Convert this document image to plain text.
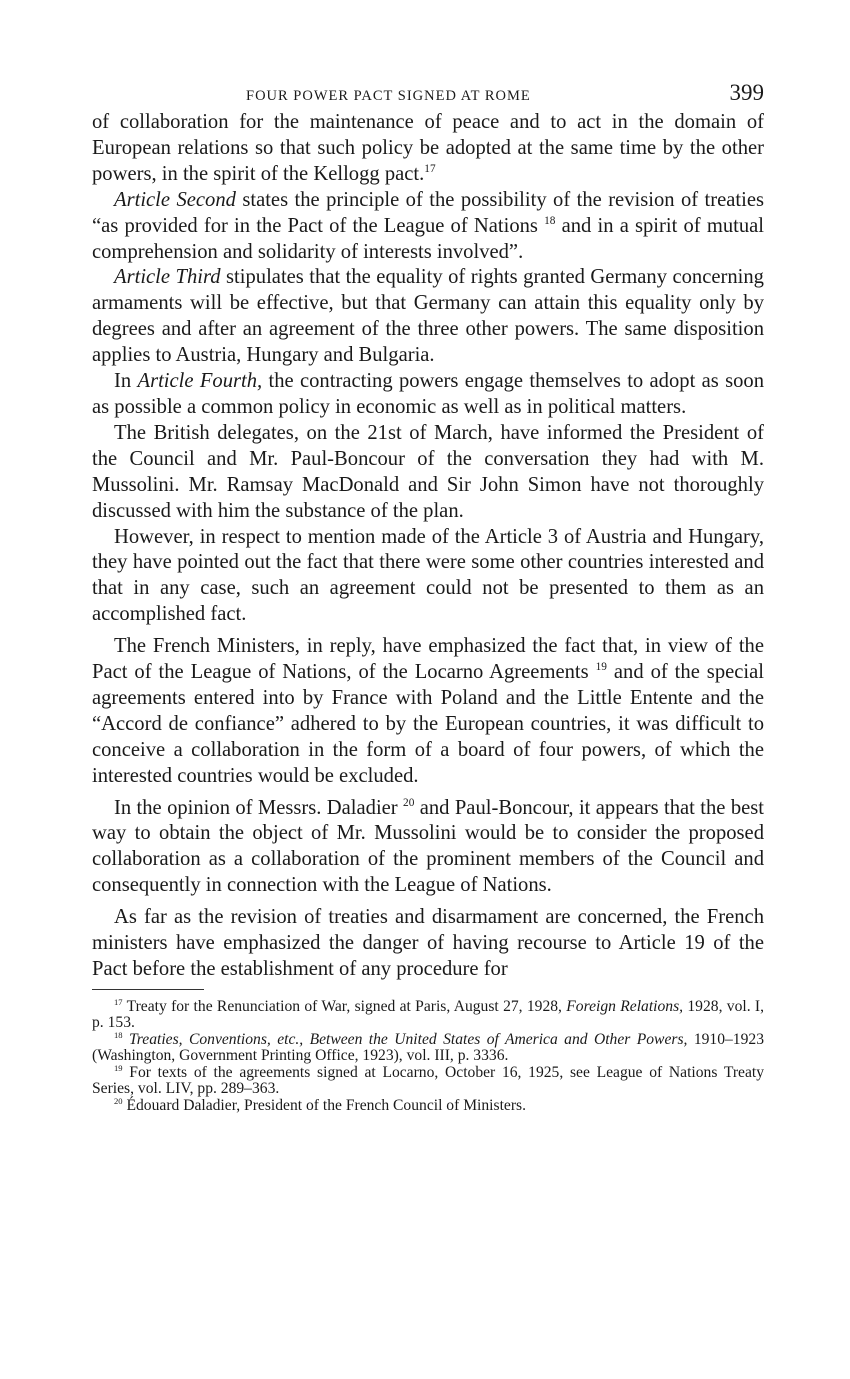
FOUR POWER PACT SIGNED AT ROME	399

of collaboration for the maintenance of peace and to act in the domain of European relations so that such policy be adopted at the same time by the other powers, in the spirit of the Kellogg pact.$^{17}$

Article Second states the principle of the possibility of the revision of treaties “as provided for in the Pact of the League of Nations $^{18}$ and in a spirit of mutual comprehension and solidarity of interests involved”.

Article Third stipulates that the equality of rights granted Germany concerning armaments will be effective, but that Germany can attain this equality only by degrees and after an agreement of the three other powers. The same disposition applies to Austria, Hungary and Bulgaria.

In Article Fourth, the contracting powers engage themselves to adopt as soon as possible a common policy in economic as well as in political matters.

The British delegates, on the 21st of March, have informed the President of the Council and Mr. Paul-Boncour of the conversation they had with M. Mussolini. Mr. Ramsay MacDonald and Sir John Simon have not thoroughly discussed with him the substance of the plan.

However, in respect to mention made of the Article 3 of Austria and Hungary, they have pointed out the fact that there were some other countries interested and that in any case, such an agreement could not be presented to them as an accomplished fact.

The French Ministers, in reply, have emphasized the fact that, in view of the Pact of the League of Nations, of the Locarno Agreements $^{19}$ and of the special agreements entered into by France with Poland and the Little Entente and the “Accord de confiance” adhered to by the European countries, it was difficult to conceive a collaboration in the form of a board of four powers, of which the interested countries would be excluded.

In the opinion of Messrs. Daladier $^{20}$ and Paul-Boncour, it appears that the best way to obtain the object of Mr. Mussolini would be to consider the proposed collaboration as a collaboration of the prominent members of the Council and consequently in connection with the League of Nations.

As far as the revision of treaties and disarmament are concerned, the French ministers have emphasized the danger of having recourse to Article 19 of the Pact before the establishment of any procedure for

$^{17}$ Treaty for the Renunciation of War, signed at Paris, August 27, 1928, Foreign Relations, 1928, vol. I, p. 153.

$^{18}$ Treaties, Conventions, etc., Between the United States of America and Other Powers, 1910–1923 (Washington, Government Printing Office, 1923), vol. III, p. 3336.

$^{19}$ For texts of the agreements signed at Locarno, October 16, 1925, see League of Nations Treaty Series, vol. LIV, pp. 289–363.

$^{20}$ Édouard Daladier, President of the French Council of Ministers.
